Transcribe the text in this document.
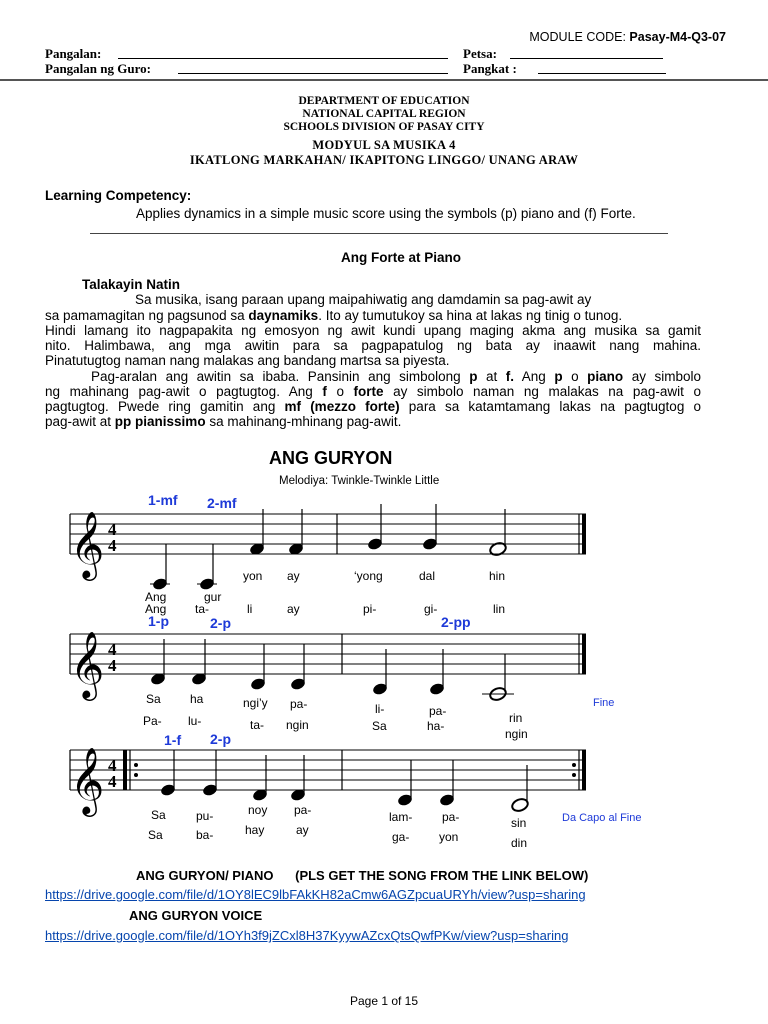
MODULE CODE: Pasay-M4-Q3-07
Pangalan:	Petsa:
Pangalan ng Guro:	Pangkat :
DEPARTMENT OF EDUCATION
NATIONAL CAPITAL REGION
SCHOOLS DIVISION OF PASAY CITY
MODYUL SA MUSIKA 4
IKATLONG MARKAHAN/ IKAPITONG LINGGO/ UNANG ARAW
Learning Competency:
Applies dynamics in a simple music score using the symbols (p) piano and (f) Forte.
Ang Forte at Piano
Talakayin Natin
Sa musika, isang paraan upang maipahiwatig ang damdamin sa pag-awit ay
sa pamamagitan ng pagsunod sa daynamiks. Ito ay tumutukoy sa hina at lakas ng tinig o tunog.
Hindi lamang ito nagpapakita ng emosyon ng awit kundi upang maging akma ang musika sa gamit
nito. Halimbawa, ang mga awitin para sa pagpapatulog ng bata ay inaawit nang mahina.
Pinatutugtog naman nang malakas ang bandang martsa sa piyesta.
Pag-aralan ang awitin sa ibaba. Pansinin ang simbolong p at f. Ang p o piano ay simbolo
ng mahinang pag-awit o pagtugtog. Ang f o forte ay simbolo naman ng malakas na pag-awit o
pagtugtog. Pwede ring gamitin ang mf (mezzo forte) para sa katamtamang lakas na pagtugtog o
pag-awit at pp pianissimo sa mahinang-mhinang pag-awit.
ANG GURYON
Melodiya: Twinkle-Twinkle Little
1-mf 2-mf
𝄞 4
4
Ang	gur
yon ay	‘yong	dal	hin
Ang ta-	li	ay	pi-	gi-	lin
1-p	2-p	2-pp
𝄞 4
4
Sa ha	ngi’y pa-	li-	pa-	rin
Pa- lu-	ta- ngin	Sa	ha-
ngin
Fine
1-f 2-p
𝄞 4
4
Sa	pu-	noy pa-	lam- pa-	sin
Sa	ba-	hay	ay	ga- yon	din
Da Capo al Fine
ANG GURYON/ PIANO (PLS GET THE SONG FROM THE LINK BELOW)
https://drive.google.com/file/d/1OY8lEC9lbFAkKH82aCmw6AGZpcuaURYh/view?usp=sharing
ANG GURYON VOICE
https://drive.google.com/file/d/1OYh3f9jZCxl8H37KyywAZcxQtsQwfPKw/view?usp=sharing
Page 1 of 15
